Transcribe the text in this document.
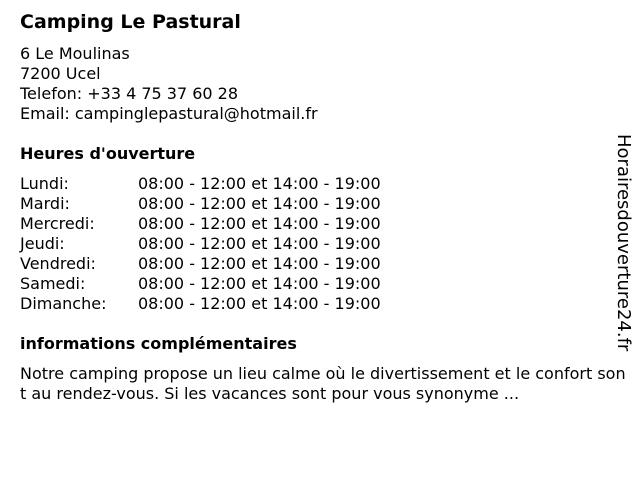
Camping Le Pastural
6 Le Moulinas
7200 Ucel
Telefon: +33 4 75 37 60 28
Email: campinglepastural@hotmail.fr
Heures d'ouverture
Lundi:	08:00 - 12:00 et 14:00 - 19:00
Mardi:	08:00 - 12:00 et 14:00 - 19:00
Mercredi:	08:00 - 12:00 et 14:00 - 19:00
Jeudi:	08:00 - 12:00 et 14:00 - 19:00
Vendredi:	08:00 - 12:00 et 14:00 - 19:00
Samedi:	08:00 - 12:00 et 14:00 - 19:00
Dimanche:	08:00 - 12:00 et 14:00 - 19:00
informations complémentaires
Notre camping propose un lieu calme où le divertissement et le confort sont au rendez-vous. Si les vacances sont pour vous synonyme ...
Horairesdouverture24.fr
